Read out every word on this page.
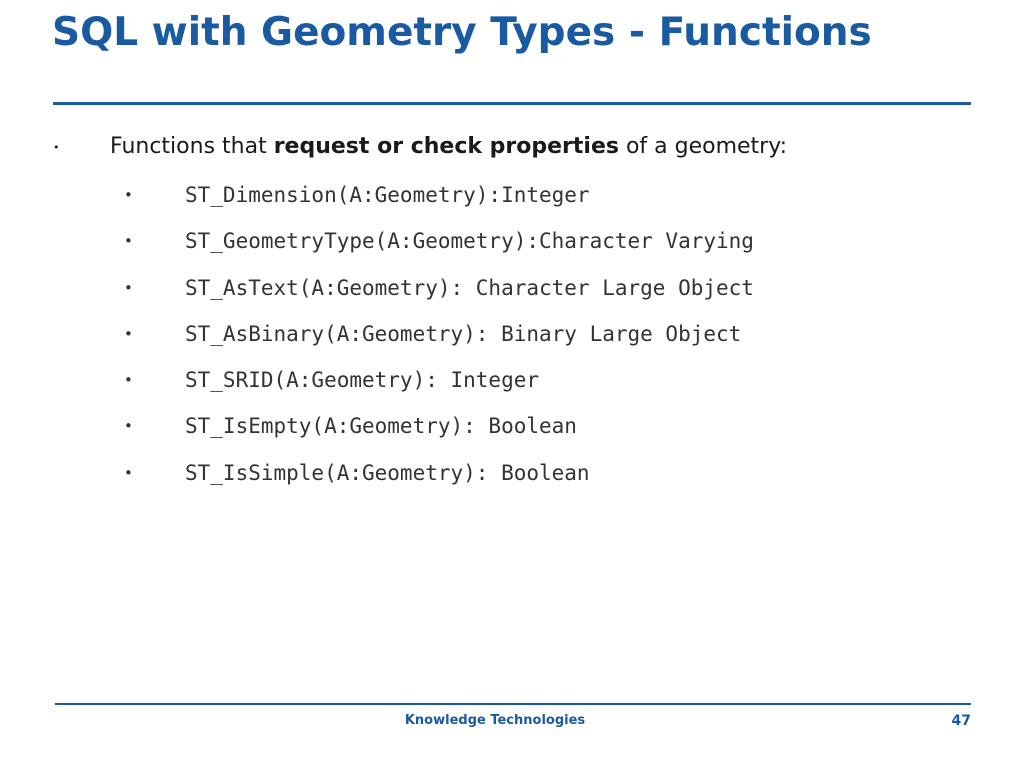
SQL with Geometry Types - Functions
• Functions that request or check properties of a geometry:
• ST_Dimension(A:Geometry):Integer
• ST_GeometryType(A:Geometry):Character Varying
• ST_AsText(A:Geometry): Character Large Object
• ST_AsBinary(A:Geometry): Binary Large Object
• ST_SRID(A:Geometry): Integer
• ST_IsEmpty(A:Geometry): Boolean
• ST_IsSimple(A:Geometry): Boolean
Knowledge Technologies	47
